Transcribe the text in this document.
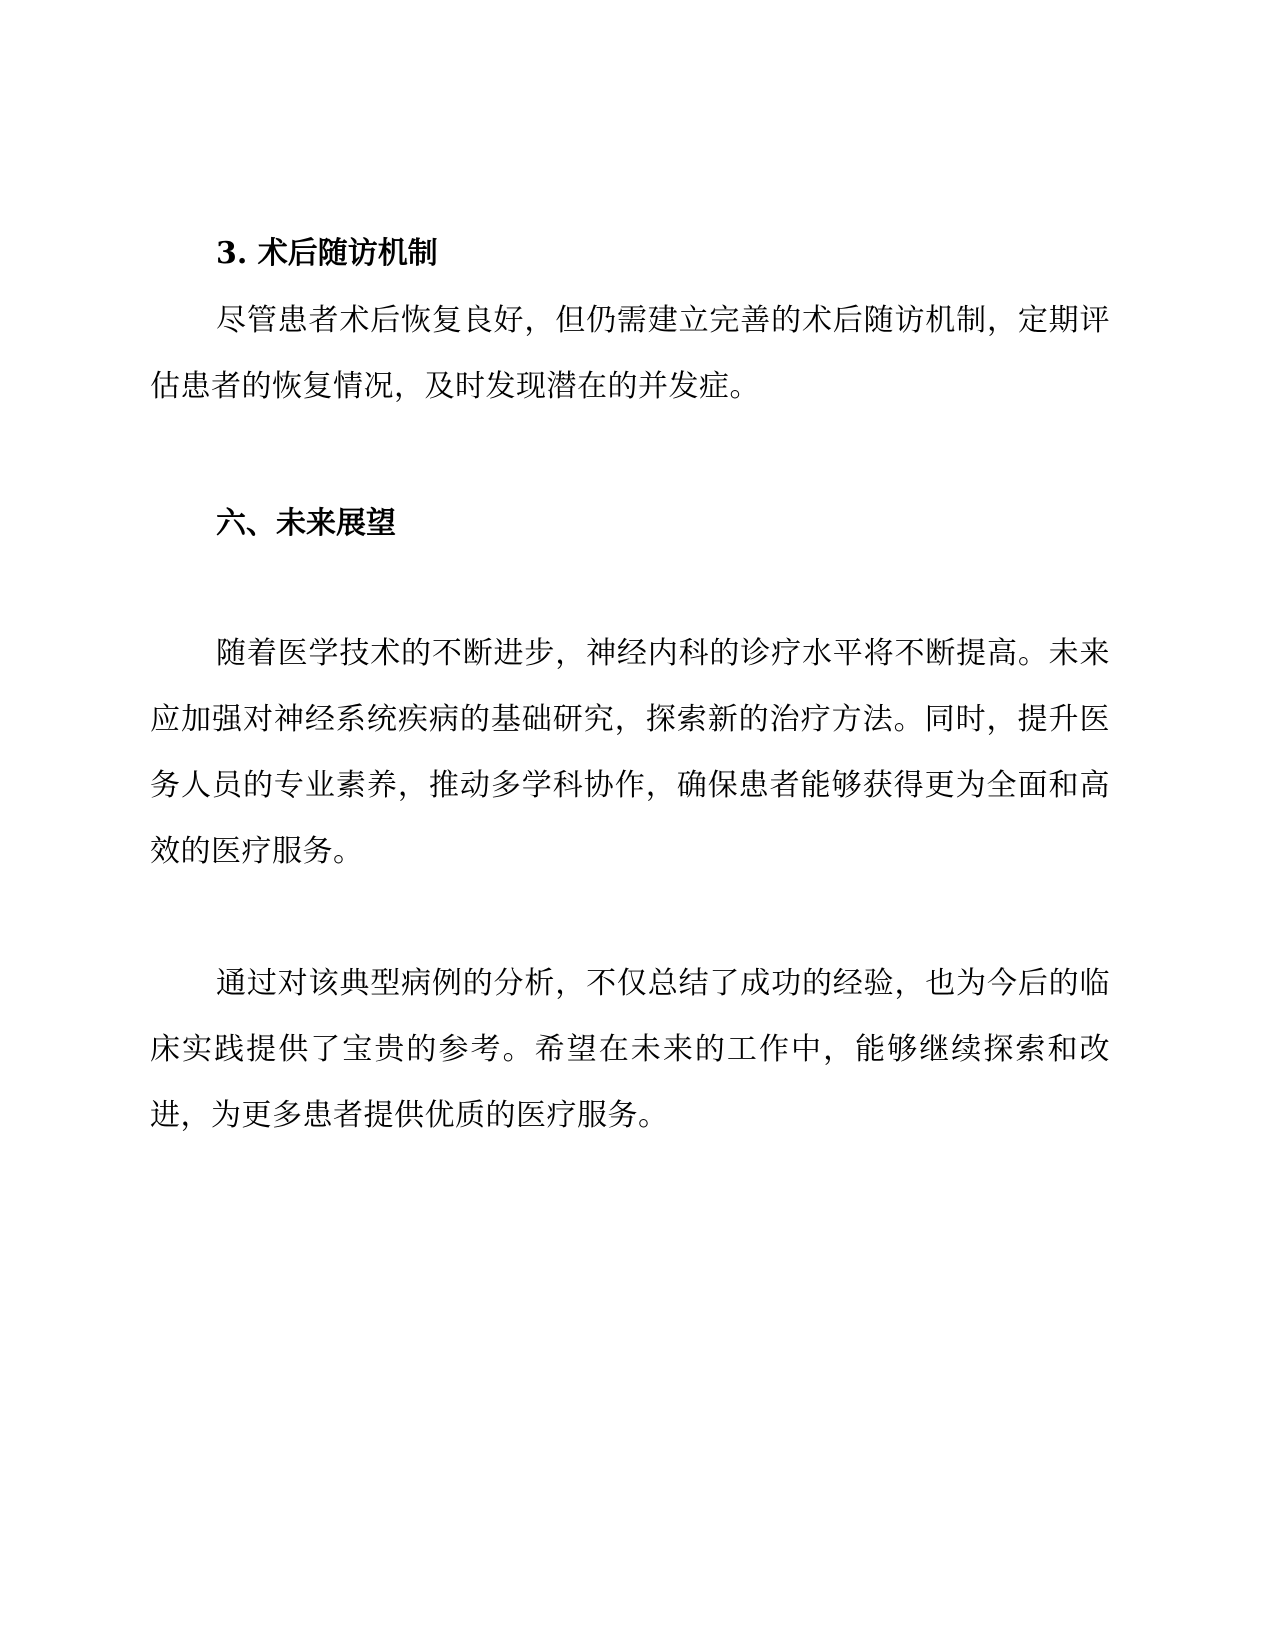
3. 术后随访机制

尽管患者术后恢复良好，但仍需建立完善的术后随访机制，定期评估患者的恢复情况，及时发现潜在的并发症。

六、未来展望

随着医学技术的不断进步，神经内科的诊疗水平将不断提高。未来应加强对神经系统疾病的基础研究，探索新的治疗方法。同时，提升医务人员的专业素养，推动多学科协作，确保患者能够获得更为全面和高效的医疗服务。

通过对该典型病例的分析，不仅总结了成功的经验，也为今后的临床实践提供了宝贵的参考。希望在未来的工作中，能够继续探索和改进，为更多患者提供优质的医疗服务。
